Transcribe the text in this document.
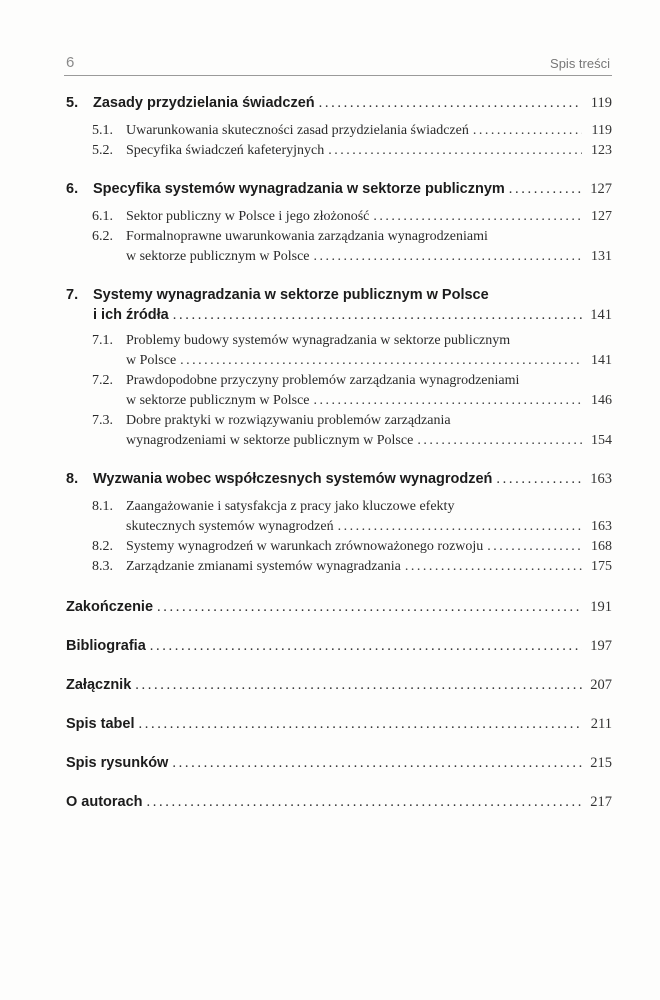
6	Spis treści
5.	Zasady przydzielania świadczeń . . .	119
5.1. Uwarunkowania skuteczności zasad przydzielania świadczeń . . .	119
5.2. Specyfika świadczeń kafeteryjnych . . .	123
6.	Specyfika systemów wynagradzania w sektorze publicznym . . .	127
6.1. Sektor publiczny w Polsce i jego złożoność . . .	127
6.2. Formalnoprawne uwarunkowania zarządzania wynagrodzeniami
w sektorze publicznym w Polsce . . .	131
7.	Systemy wynagradzania w sektorze publicznym w Polsce
i ich źródła . . .	141
7.1. Problemy budowy systemów wynagradzania w sektorze publicznym
w Polsce . . .	141
7.2. Prawdopodobne przyczyny problemów zarządzania wynagrodzeniami
w sektorze publicznym w Polsce . . .	146
7.3. Dobre praktyki w rozwiązywaniu problemów zarządzania
wynagrodzeniami w sektorze publicznym w Polsce . . .	154
8.	Wyzwania wobec współczesnych systemów wynagrodzeń . . .	163
8.1. Zaangażowanie i satysfakcja z pracy jako kluczowe efekty
skutecznych systemów wynagrodzeń . . .	163
8.2. Systemy wynagrodzeń w warunkach zrównoważonego rozwoju . . .	168
8.3. Zarządzanie zmianami systemów wynagradzania . . .	175
Zakończenie . . .	191
Bibliografia . . .	197
Załącznik . . .	207
Spis tabel . . .	211
Spis rysunków . . .	215
O autorach . . .	217
